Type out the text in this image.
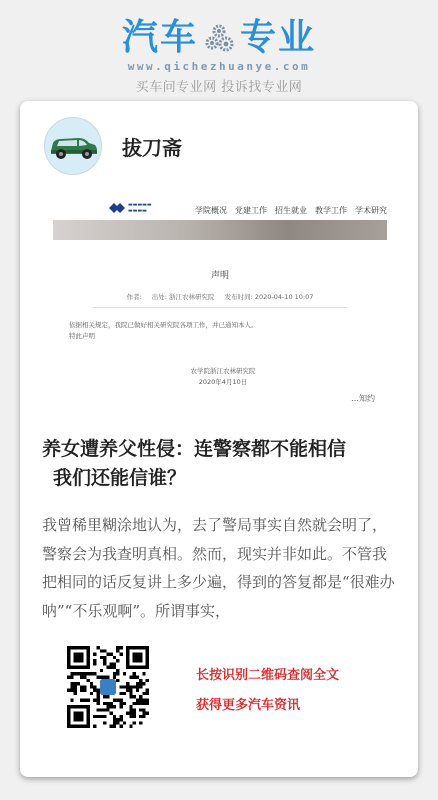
汽车 专业
www.qichezhuanye.com
买车问专业网 投诉找专业网
拔刀斋
▬▬▬▬▬
▬▬▬▬	学院概况 党建工作 招生就业 教学工作 学术研究
声明
作者: 出处: 浙江农林研究院 发布时间: 2020-04-10 10:07
依据相关规定，我院已做好相关研究院各项工作，并已通知本人。
特此声明
农学院浙江农林研究院
2020年4月10日
…知约
养女遭养父性侵：连警察都不能相信
我们还能信谁？
我曾稀里糊涂地认为，去了警局事实自然就会明了，警察会为我查明真相。然而，现实并非如此。不管我把相同的话反复讲上多少遍，得到的答复都是“很难办呐”“不乐观啊”。所谓事实，
长按识别二维码查阅全文
获得更多汽车资讯
